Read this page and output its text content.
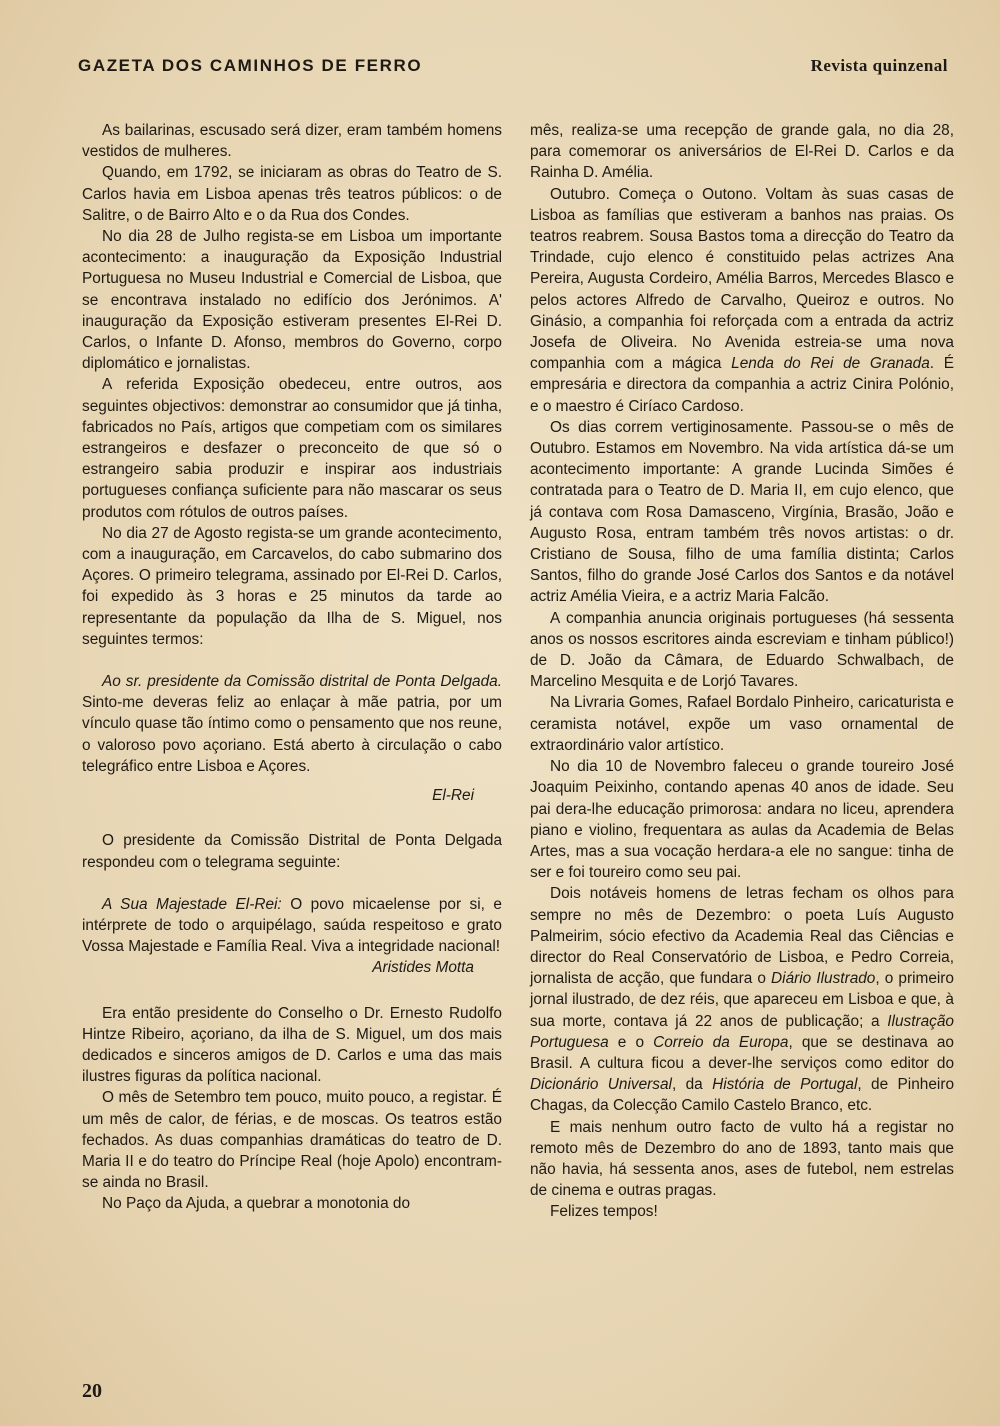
GAZETA DOS CAMINHOS DE FERRO	Revista quinzenal

As bailarinas, escusado será dizer, eram também homens vestidos de mulheres.

Quando, em 1792, se iniciaram as obras do Teatro de S. Carlos havia em Lisboa apenas três teatros públicos: o de Salitre, o de Bairro Alto e o da Rua dos Condes.

No dia 28 de Julho regista-se em Lisboa um importante acontecimento: a inauguração da Exposição Industrial Portuguesa no Museu Industrial e Comercial de Lisboa, que se encontrava instalado no edifício dos Jerónimos. A' inauguração da Exposição estiveram presentes El-Rei D. Carlos, o Infante D. Afonso, membros do Governo, corpo diplomático e jornalistas.

A referida Exposição obedeceu, entre outros, aos seguintes objectivos: demonstrar ao consumidor que já tinha, fabricados no País, artigos que competiam com os similares estrangeiros e desfazer o preconceito de que só o estrangeiro sabia produzir e inspirar aos industriais portugueses confiança suficiente para não mascarar os seus produtos com rótulos de outros países.

No dia 27 de Agosto regista-se um grande acontecimento, com a inauguração, em Carcavelos, do cabo submarino dos Açores. O primeiro telegrama, assinado por El-Rei D. Carlos, foi expedido às 3 horas e 25 minutos da tarde ao representante da população da Ilha de S. Miguel, nos seguintes termos:

Ao sr. presidente da Comissão distrital de Ponta Delgada. Sinto-me deveras feliz ao enlaçar à mãe patria, por um vínculo quase tão íntimo como o pensamento que nos reune, o valoroso povo açoriano. Está aberto à circulação o cabo telegráfico entre Lisboa e Açores.

El-Rei

O presidente da Comissão Distrital de Ponta Delgada respondeu com o telegrama seguinte:

A Sua Majestade El-Rei: O povo micaelense por si, e intérprete de todo o arquipélago, saúda respeitoso e grato Vossa Majestade e Família Real. Viva a integridade nacional!

Aristides Motta

Era então presidente do Conselho o Dr. Ernesto Rudolfo Hintze Ribeiro, açoriano, da ilha de S. Miguel, um dos mais dedicados e sinceros amigos de D. Carlos e uma das mais ilustres figuras da política nacional.

O mês de Setembro tem pouco, muito pouco, a registar. É um mês de calor, de férias, e de moscas. Os teatros estão fechados. As duas companhias dramáticas do teatro de D. Maria II e do teatro do Príncipe Real (hoje Apolo) encontram-se ainda no Brasil.

No Paço da Ajuda, a quebrar a monotonia do

mês, realiza-se uma recepção de grande gala, no dia 28, para comemorar os aniversários de El-Rei D. Carlos e da Rainha D. Amélia.

Outubro. Começa o Outono. Voltam às suas casas de Lisboa as famílias que estiveram a banhos nas praias. Os teatros reabrem. Sousa Bastos toma a direcção do Teatro da Trindade, cujo elenco é constituido pelas actrizes Ana Pereira, Augusta Cordeiro, Amélia Barros, Mercedes Blasco e pelos actores Alfredo de Carvalho, Queiroz e outros. No Ginásio, a companhia foi reforçada com a entrada da actriz Josefa de Oliveira. No Avenida estreia-se uma nova companhia com a mágica Lenda do Rei de Granada. É empresária e directora da companhia a actriz Cinira Polónio, e o maestro é Ciríaco Cardoso.

Os dias correm vertiginosamente. Passou-se o mês de Outubro. Estamos em Novembro. Na vida artística dá-se um acontecimento importante: A grande Lucinda Simões é contratada para o Teatro de D. Maria II, em cujo elenco, que já contava com Rosa Damasceno, Virgínia, Brasão, João e Augusto Rosa, entram também três novos artistas: o dr. Cristiano de Sousa, filho de uma família distinta; Carlos Santos, filho do grande José Carlos dos Santos e da notável actriz Amélia Vieira, e a actriz Maria Falcão.

A companhia anuncia originais portugueses (há sessenta anos os nossos escritores ainda escreviam e tinham público!) de D. João da Câmara, de Eduardo Schwalbach, de Marcelino Mesquita e de Lorjó Tavares.

Na Livraria Gomes, Rafael Bordalo Pinheiro, caricaturista e ceramista notável, expõe um vaso ornamental de extraordinário valor artístico.

No dia 10 de Novembro faleceu o grande toureiro José Joaquim Peixinho, contando apenas 40 anos de idade. Seu pai dera-lhe educação primorosa: andara no liceu, aprendera piano e violino, frequentara as aulas da Academia de Belas Artes, mas a sua vocação herdara-a ele no sangue: tinha de ser e foi toureiro como seu pai.

Dois notáveis homens de letras fecham os olhos para sempre no mês de Dezembro: o poeta Luís Augusto Palmeirim, sócio efectivo da Academia Real das Ciências e director do Real Conservatório de Lisboa, e Pedro Correia, jornalista de acção, que fundara o Diário Ilustrado, o primeiro jornal ilustrado, de dez réis, que apareceu em Lisboa e que, à sua morte, contava já 22 anos de publicação; a Ilustração Portuguesa e o Correio da Europa, que se destinava ao Brasil. A cultura ficou a dever-lhe serviços como editor do Dicionário Universal, da História de Portugal, de Pinheiro Chagas, da Colecção Camilo Castelo Branco, etc.

E mais nenhum outro facto de vulto há a registar no remoto mês de Dezembro do ano de 1893, tanto mais que não havia, há sessenta anos, ases de futebol, nem estrelas de cinema e outras pragas.

Felizes tempos!

20
